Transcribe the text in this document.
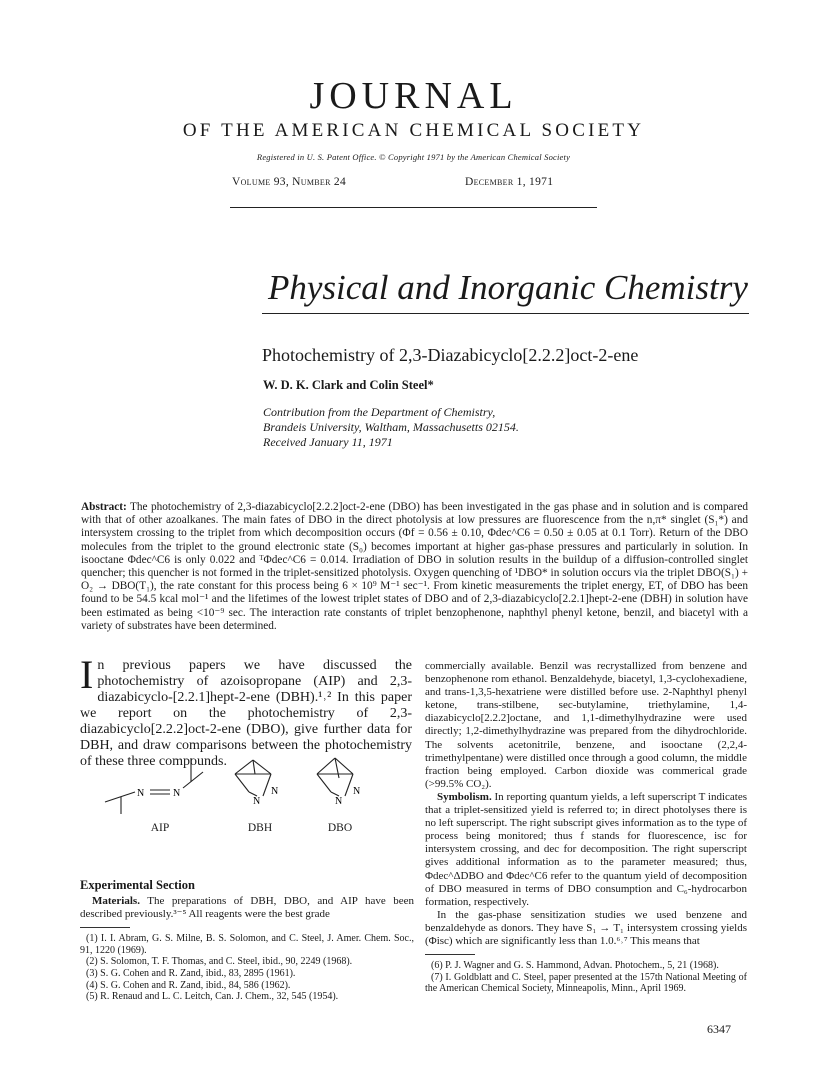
JOURNAL
OF THE AMERICAN CHEMICAL SOCIETY
Registered in U. S. Patent Office. © Copyright 1971 by the American Chemical Society
Volume 93, Number 24	December 1, 1971
Physical and Inorganic Chemistry
Photochemistry of 2,3-Diazabicyclo[2.2.2]oct-2-ene
W. D. K. Clark and Colin Steel*
Contribution from the Department of Chemistry,
Brandeis University, Waltham, Massachusetts 02154.
Received January 11, 1971
Abstract: The photochemistry of 2,3-diazabicyclo[2.2.2]oct-2-ene (DBO) has been investigated in the gas phase and in solution and is compared with that of other azoalkanes. The main fates of DBO in the direct photolysis at low pressures are fluorescence from the n,π* singlet (S₁*) and intersystem crossing to the triplet from which decomposition occurs (Φf = 0.56 ± 0.10, Φdec^C6 = 0.50 ± 0.05 at 0.1 Torr). Return of the DBO molecules from the triplet to the ground electronic state (S₀) becomes important at higher gas-phase pressures and particularly in solution. In isooctane Φdec^C6 is only 0.022 and ᵀΦdec^C6 = 0.014. Irradiation of DBO in solution results in the buildup of a diffusion-controlled singlet quencher; this quencher is not formed in the triplet-sensitized photolysis. Oxygen quenching of ¹DBO* in solution occurs via the triplet DBO(S₁) + O₂ → DBO(T₁), the rate constant for this process being 6 × 10⁹ M⁻¹ sec⁻¹. From kinetic measurements the triplet energy, ET, of DBO has been found to be 54.5 kcal mol⁻¹ and the lifetimes of the lowest triplet states of DBO and of 2,3-diazabicyclo[2.2.1]hept-2-ene (DBH) in solution have been estimated as being <10⁻⁹ sec. The interaction rate constants of triplet benzophenone, naphthyl phenyl ketone, benzil, and biacetyl with a variety of substrates have been determined.
I n previous papers we have discussed the photochemistry of azoisopropane (AIP) and 2,3-diazabicyclo-[2.2.1]hept-2-ene (DBH).¹˒² In this paper we report on the photochemistry of 2,3-diazabicyclo[2.2.2]oct-2-ene (DBO), give further data for DBH, and draw comparisons between the photochemistry of these three compounds.
N	N	N
N
N
N
AIP	DBH	DBO
Experimental Section

Materials. The preparations of DBH, DBO, and AIP have been described previously.³⁻⁵ All reagents were the best grade

(1) I. I. Abram, G. S. Milne, B. S. Solomon, and C. Steel, J. Amer. Chem. Soc., 91, 1220 (1969).
(2) S. Solomon, T. F. Thomas, and C. Steel, ibid., 90, 2249 (1968).
(3) S. G. Cohen and R. Zand, ibid., 83, 2895 (1961).
(4) S. G. Cohen and R. Zand, ibid., 84, 586 (1962).
(5) R. Renaud and L. C. Leitch, Can. J. Chem., 32, 545 (1954).

commercially available. Benzil was recrystallized from benzene and benzophenone rom ethanol. Benzaldehyde, biacetyl, 1,3-cyclohexadiene, and trans-1,3,5-hexatriene were distilled before use. 2-Naphthyl phenyl ketone, trans-stilbene, sec-butylamine, triethylamine, 1,4-diazabicyclo[2.2.2]octane, and 1,1-dimethylhydrazine were used directly; 1,2-dimethylhydrazine was prepared from the dihydrochloride. The solvents acetonitrile, benzene, and isooctane (2,2,4-trimethylpentane) were distilled once through a good column, the middle fraction being employed. Carbon dioxide was commerical grade (>99.5% CO₂).

Symbolism. In reporting quantum yields, a left superscript T indicates that a triplet-sensitized yield is referred to; in direct photolyses there is no left superscript. The right subscript gives information as to the type of process being monitored; thus f stands for fluorescence, isc for intersystem crossing, and dec for decomposition. The right superscript gives additional information as to the parameter measured; thus, Φdec^ΔDBO and Φdec^C6 refer to the quantum yield of decomposition of DBO measured in terms of DBO consumption and C₆-hydrocarbon formation, respectively.

In the gas-phase sensitization studies we used benzene and benzaldehyde as donors. They have S₁ → T₁ intersystem crossing yields (Φisc) which are significantly less than 1.0.⁶˒⁷ This means that

(6) P. J. Wagner and G. S. Hammond, Advan. Photochem., 5, 21 (1968).
(7) I. Goldblatt and C. Steel, paper presented at the 157th National Meeting of the American Chemical Society, Minneapolis, Minn., April 1969.
6347
